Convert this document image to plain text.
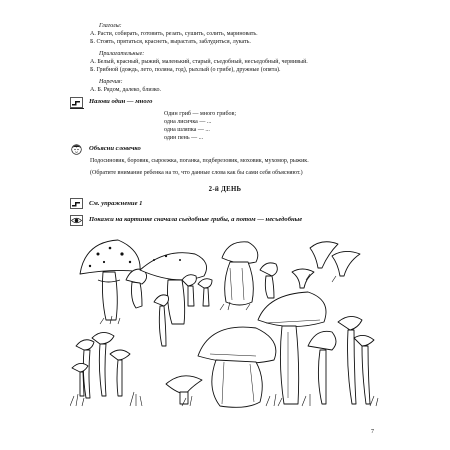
Глаголы:
А. Расти, собирать, готовить, резать, сушить, солить, мариновать.
Б. Стоять, прятаться, краснеть, вырастать, заблудиться, лукать.
Прилагательные:
А. Белый, красный, рыжий, маленький, старый, съедобный, несъедобный, червивый.
Б. Грибной (дождь, лето, поляна, год), рыхлый (о грибе), дружные (опята).
Наречия:
А. Б. Рядом, далеко, близко.
Назови один — много
Один гриб — много грибов;
одна лисичка — ...
одна шляпка — ...
один пень — ...
Объясни словечко
Подосиновик, боровик, сыроежка, поганка, подберезовик, моховик, мухомор, рыжик.
(Обратите внимание ребенка на то, что данные слова как бы сами себя объясняют.)
2-й ДЕНЬ
См. упражнение 1
Покажи на картинке сначала съедобные грибы, а потом — несъедобные
7
